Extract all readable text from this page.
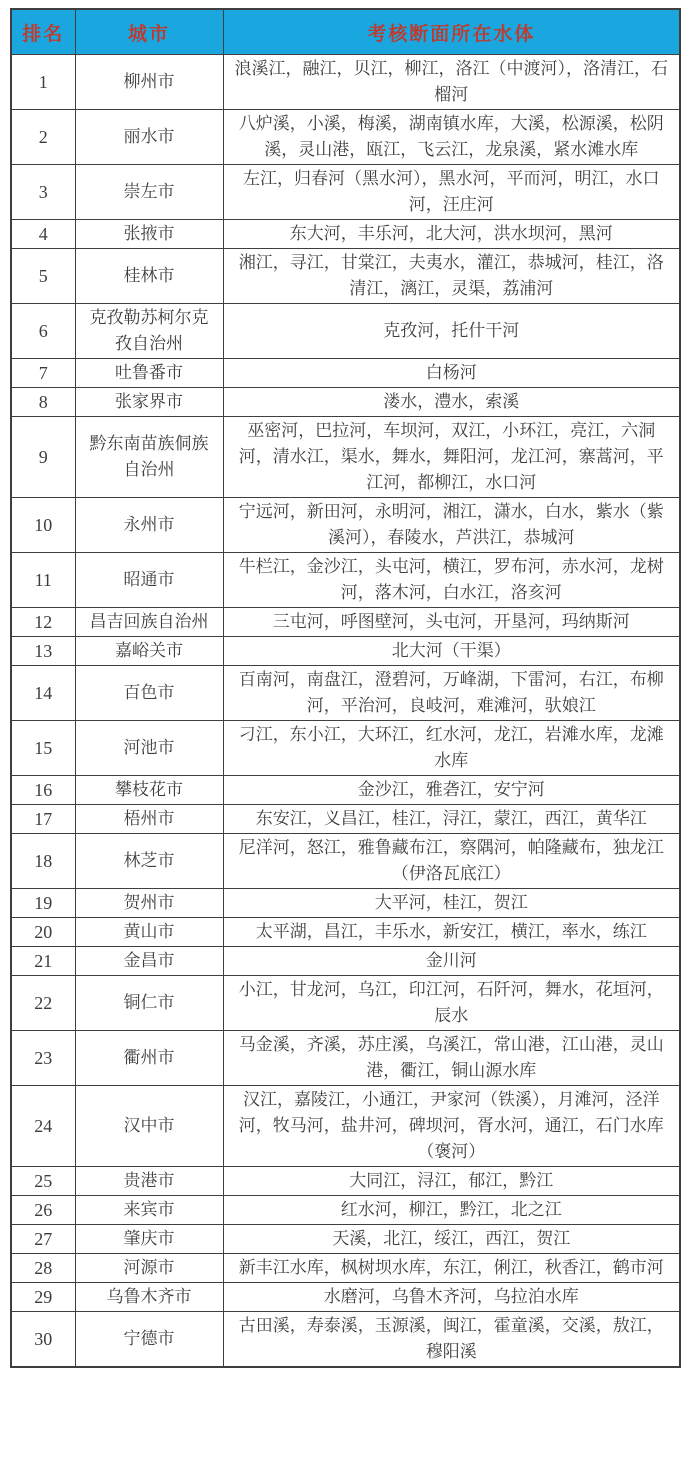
排名	城市	考核断面所在水体
1	柳州市	浪溪江，融江，贝江，柳江，洛江（中渡河），洛清江，石榴河
2	丽水市	八炉溪，小溪，梅溪，湖南镇水库，大溪，松源溪，松阴溪，灵山港，瓯江，飞云江，龙泉溪，紧水滩水库
3	崇左市	左江，归春河（黑水河），黑水河，平而河，明江，水口河，汪庄河
4	张掖市	东大河，丰乐河，北大河，洪水坝河，黑河
5	桂林市	湘江，寻江，甘棠江，夫夷水，灌江，恭城河，桂江，洛清江，漓江，灵渠，荔浦河
6	克孜勒苏柯尔克孜自治州	克孜河，托什干河
7	吐鲁番市	白杨河
8	张家界市	溇水，澧水，索溪
9	黔东南苗族侗族自治州	巫密河，巴拉河，车坝河，双江，小环江，亮江，六洞河，清水江，渠水，舞水，舞阳河，龙江河，寨蒿河，平江河，都柳江，水口河
10	永州市	宁远河，新田河，永明河，湘江，潇水，白水，紫水（紫溪河），春陵水，芦洪江，恭城河
11	昭通市	牛栏江，金沙江，头屯河，横江，罗布河，赤水河，龙树河，落木河，白水江，洛亥河
12	昌吉回族自治州	三屯河，呼图壁河，头屯河，开垦河，玛纳斯河
13	嘉峪关市	北大河（干渠）
14	百色市	百南河，南盘江，澄碧河，万峰湖，下雷河，右江，布柳河，平治河，良岐河，难滩河，驮娘江
15	河池市	刁江，东小江，大环江，红水河，龙江，岩滩水库，龙滩水库
16	攀枝花市	金沙江，雅砻江，安宁河
17	梧州市	东安江，义昌江，桂江，浔江，蒙江，西江，黄华江
18	林芝市	尼洋河，怒江，雅鲁藏布江，察隅河，帕隆藏布，独龙江（伊洛瓦底江）
19	贺州市	大平河，桂江，贺江
20	黄山市	太平湖，昌江，丰乐水，新安江，横江，率水，练江
21	金昌市	金川河
22	铜仁市	小江，甘龙河，乌江，印江河，石阡河，舞水，花垣河，辰水
23	衢州市	马金溪，齐溪，苏庄溪，乌溪江，常山港，江山港，灵山港，衢江，铜山源水库
24	汉中市	汉江，嘉陵江，小通江，尹家河（铁溪），月滩河，泾洋河，牧马河，盐井河，碑坝河，胥水河，通江，石门水库（褒河）
25	贵港市	大同江，浔江，郁江，黔江
26	来宾市	红水河，柳江，黔江，北之江
27	肇庆市	天溪，北江，绥江，西江，贺江
28	河源市	新丰江水库，枫树坝水库，东江，俐江，秋香江，鹤市河
29	乌鲁木齐市	水磨河，乌鲁木齐河，乌拉泊水库
30	宁德市	古田溪，寿泰溪，玉源溪，闽江，霍童溪，交溪，敖江，穆阳溪
